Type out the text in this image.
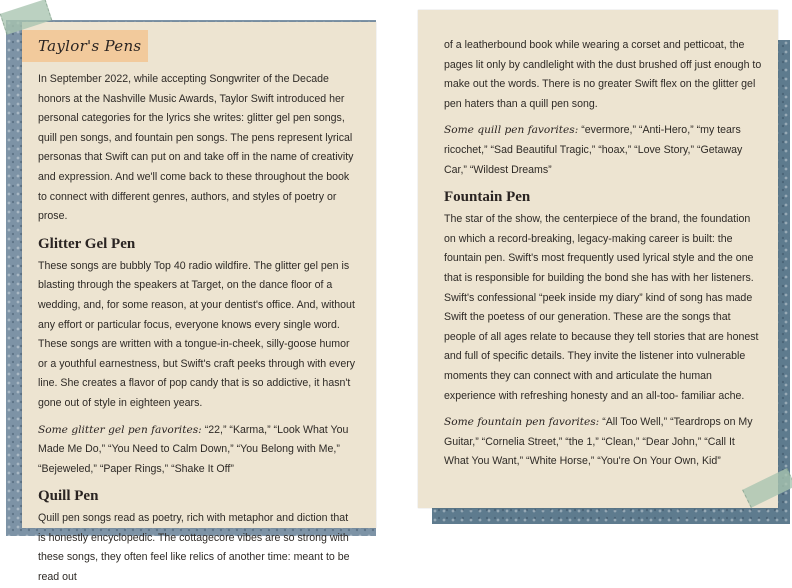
Taylor's Pens

In September 2022, while accepting Songwriter of the Decade honors at the Nashville Music Awards, Taylor Swift introduced her personal categories for the lyrics she writes: glitter gel pen songs, quill pen songs, and fountain pen songs. The pens represent lyrical personas that Swift can put on and take off in the name of creativity and expression. And we'll come back to these throughout the book to connect with different genres, authors, and styles of poetry or prose.

Glitter Gel Pen

These songs are bubbly Top 40 radio wildfire. The glitter gel pen is blasting through the speakers at Target, on the dance floor of a wedding, and, for some reason, at your dentist's office. And, without any effort or particular focus, everyone knows every single word. These songs are written with a tongue-in-cheek, silly-goose humor or a youthful earnestness, but Swift's craft peeks through with every line. She creates a flavor of pop candy that is so addictive, it hasn't gone out of style in eighteen years.

Some glitter gel pen favorites: “22,” “Karma,” “Look What You Made Me Do,” “You Need to Calm Down,” “You Belong with Me,” “Bejeweled,” “Paper Rings,” “Shake It Off”

Quill Pen

Quill pen songs read as poetry, rich with metaphor and diction that is honestly encyclopedic. The cottagecore vibes are so strong with these songs, they often feel like relics of another time: meant to be read out

of a leatherbound book while wearing a corset and petticoat, the pages lit only by candlelight with the dust brushed off just enough to make out the words. There is no greater Swift flex on the glitter gel pen haters than a quill pen song.

Some quill pen favorites: “evermore,” “Anti-Hero,” “my tears ricochet,” “Sad Beautiful Tragic,” “hoax,” “Love Story,” “Getaway Car,” “Wildest Dreams”

Fountain Pen

The star of the show, the centerpiece of the brand, the foundation on which a record-breaking, legacy-making career is built: the fountain pen. Swift's most frequently used lyrical style and the one that is responsible for building the bond she has with her listeners. Swift's confessional “peek inside my diary” kind of song has made Swift the poetess of our generation. These are the songs that people of all ages relate to because they tell stories that are honest and full of specific details. They invite the listener into vulnerable moments they can connect with and articulate the human experience with refreshing honesty and an all-too- familiar ache.

Some fountain pen favorites: “All Too Well,” “Teardrops on My Guitar,” “Cornelia Street,” “the 1,” “Clean,” “Dear John,” “Call It What You Want,” “White Horse,” “You're On Your Own, Kid”
